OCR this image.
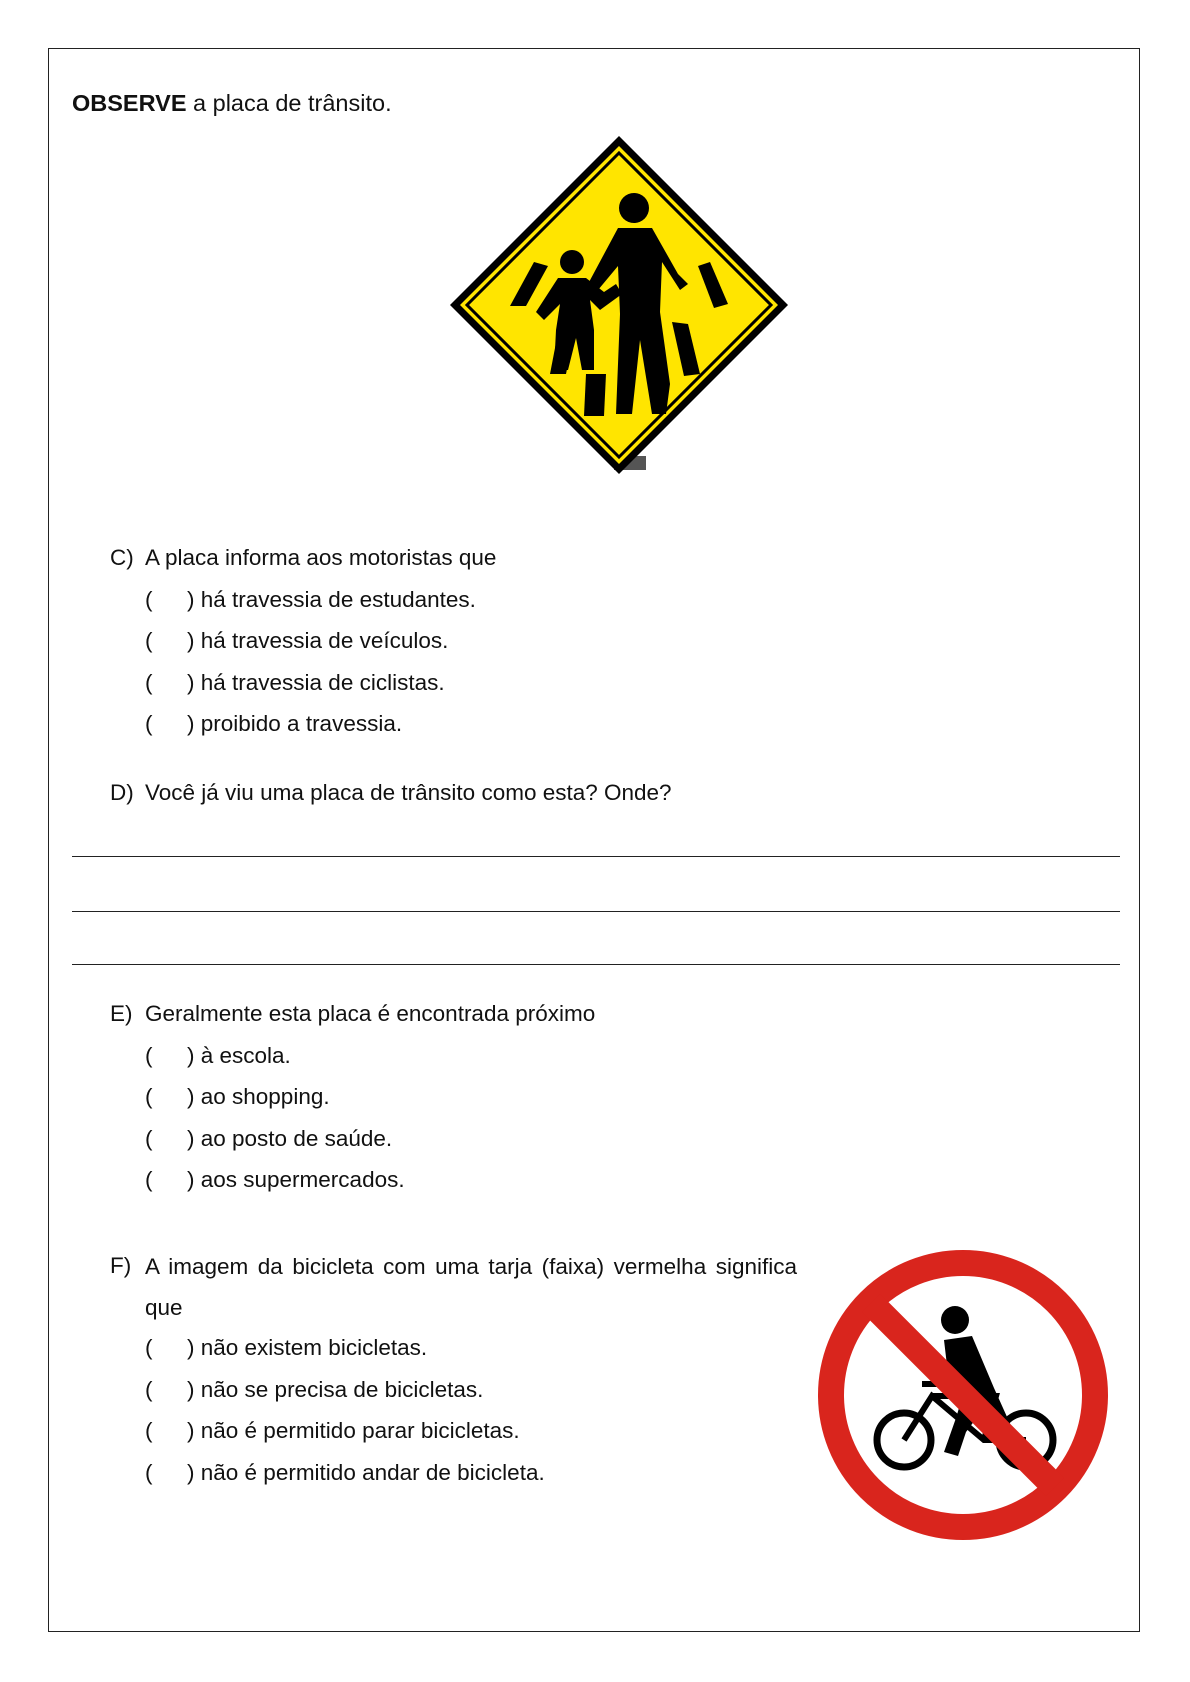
OBSERVE a placa de trânsito.
C) A placa informa aos motoristas que
( ) há travessia de estudantes.
( ) há travessia de veículos.
( ) há travessia de ciclistas.
( ) proibido a travessia.
D) Você já viu uma placa de trânsito como esta? Onde?
E) Geralmente esta placa é encontrada próximo
( ) à escola.
( ) ao shopping.
( ) ao posto de saúde.
( ) aos supermercados.
F) A imagem da bicicleta com uma tarja (faixa) vermelha significa que
( ) não existem bicicletas.
( ) não se precisa de bicicletas.
( ) não é permitido parar bicicletas.
( ) não é permitido andar de bicicleta.
